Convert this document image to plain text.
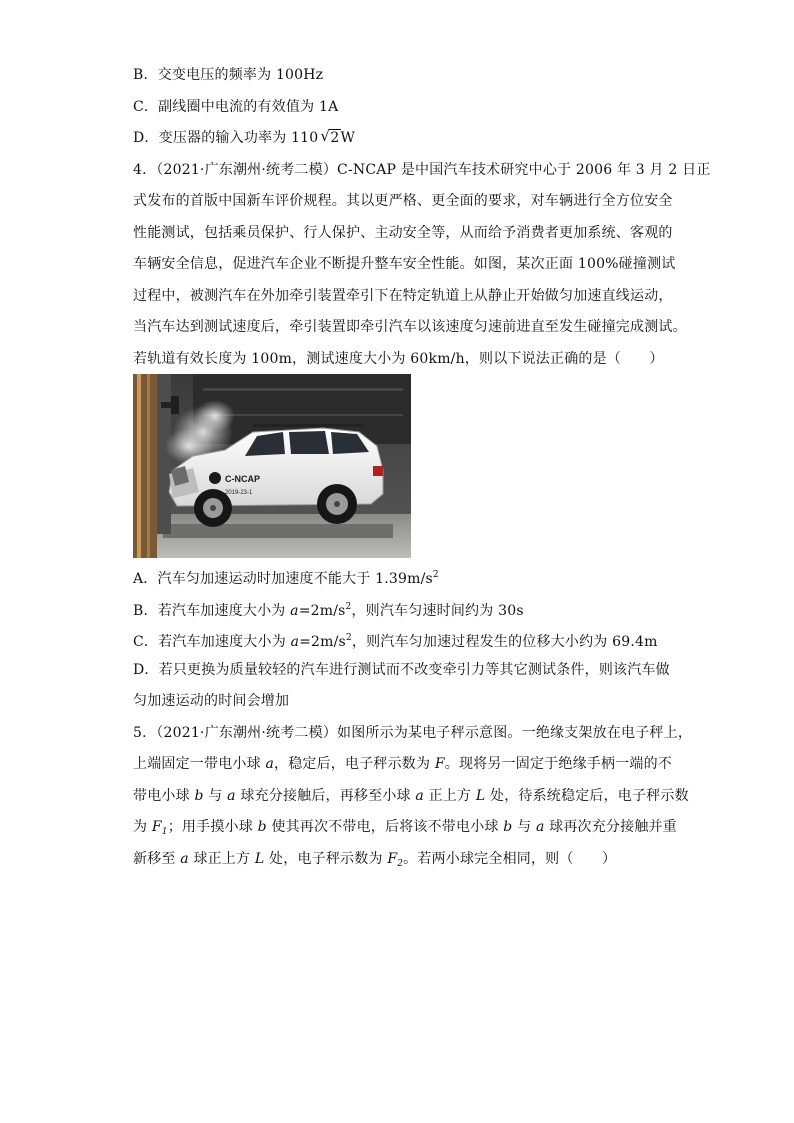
B．交变电压的频率为 100Hz
C．副线圈中电流的有效值为 1A
D．变压器的输入功率为 110 √ 2W
4．（2021·广东潮州·统考二模）C-NCAP 是中国汽车技术研究中心于 2006 年 3 月 2 日正
式发布的首版中国新车评价规程。其以更严格、更全面的要求，对车辆进行全方位安全
性能测试，包括乘员保护、行人保护、主动安全等，从而给予消费者更加系统、客观的
车辆安全信息，促进汽车企业不断提升整车安全性能。如图，某次正面 100%碰撞测试
过程中，被测汽车在外加牵引装置牵引下在特定轨道上从静止开始做匀加速直线运动，
当汽车达到测试速度后，牵引装置即牵引汽车以该速度匀速前进直至发生碰撞完成测试。
若轨道有效长度为 100m，测试速度大小为 60km/h，则以下说法正确的是（　　）
C-NCAP
2019-23-1
A．汽车匀加速运动时加速度不能大于 $1.39m/s^2$
B．若汽车加速度大小为 $a=2m/s^2$，则汽车匀速时间约为 30s
C．若汽车加速度大小为 $a=2m/s^2$，则汽车匀加速过程发生的位移大小约为 69.4m
D．若只更换为质量较轻的汽车进行测试而不改变牵引力等其它测试条件，则该汽车做
匀加速运动的时间会增加
5．（2021·广东潮州·统考二模）如图所示为某电子秤示意图。一绝缘支架放在电子秤上，
上端固定一带电小球 a，稳定后，电子秤示数为 F。现将另一固定于绝缘手柄一端的不
带电小球 b 与 a 球充分接触后，再移至小球 a 正上方 L 处，待系统稳定后，电子秤示数
为 $F_1$；用手摸小球 b 使其再次不带电，后将该不带电小球 b 与 a 球再次充分接触并重
新移至 a 球正上方 L 处，电子秤示数为 $F_2$。若两小球完全相同，则（　　）
